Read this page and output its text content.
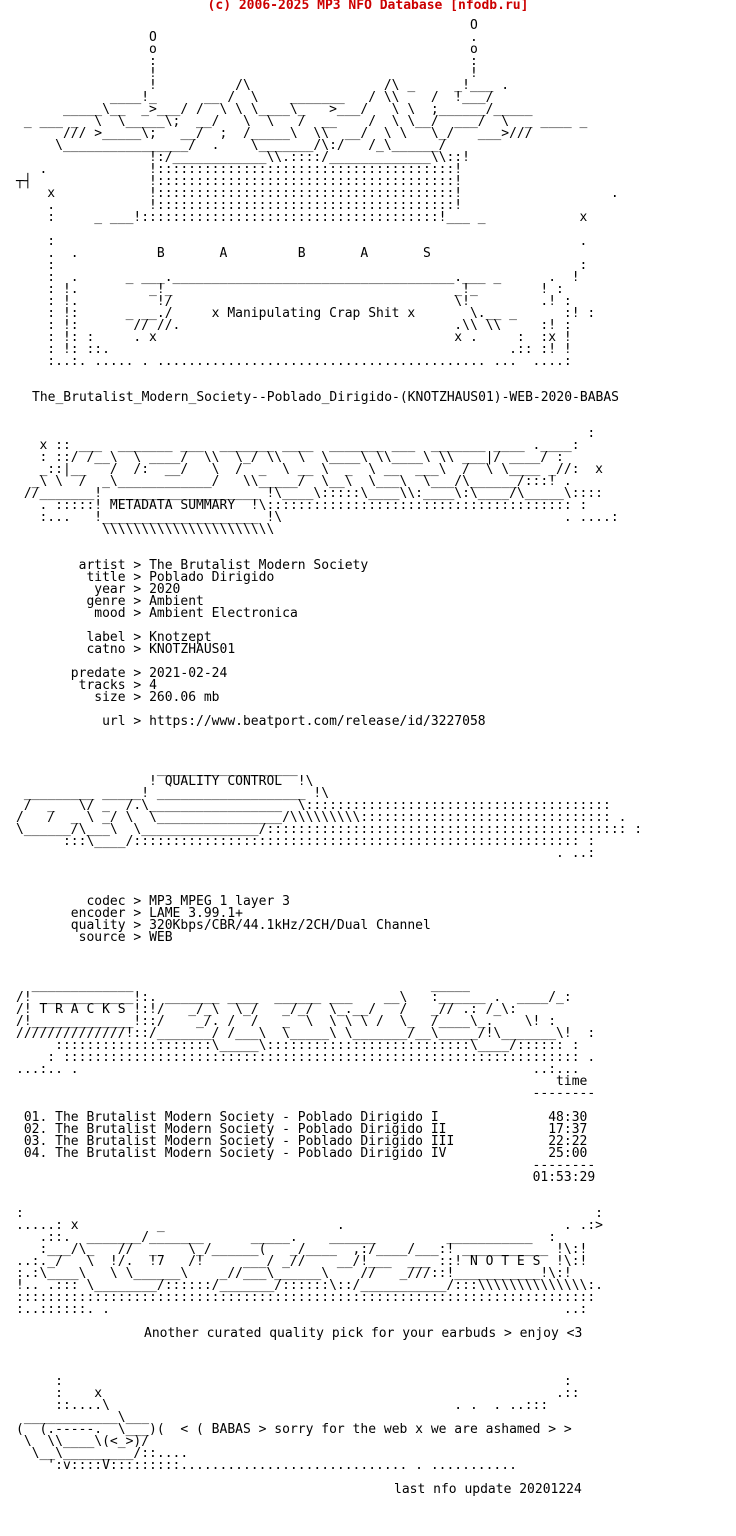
(c) 2006-2025 MP3 NFO Database [nfodb.ru]

O
O                                        .
o                                        o
:                                        :
!                                        !
!          /\                 /\ _     _!___ .
____!_      __ /  \    _______   / \\    /  !___/
_____\__  _>___/ /  \ \ \____\_   >___/   \ \  ;______/_____
_ ___ _  \  \_____\;  __/   \  \   /  __    /  \ \__/  ___/  \  _ ____ _
/// >_____\;   __/  ;  /_____\  \\  __/  \ \   \_/   ___>///
\________________/  .    \_______/\:/   /_\______/
!:/____________\\.::::/_____________\\::!
.             !::::::::::::::::::::::::::::::::::::::!
┬┤               !::::::::::::::::::::::::::::::::::::::!
x            !::::::::::::::::::::::::::::::::::::::!                   .
.            !::::::::::::::::::::::::::::::::::::::!
:     _ ___!::::::::::::::::::::::::::::::::::::::!___ _            x

:                                                                   .
.  .          B	A	B	A	S
:                                                                   :
:  .      _ ___.____________________________________.___ _      .  !
: !.         _!_                                    _!_        ! :
: !.          !/                                    \!         .! :
: !:      _ __./     x Manipulating Crap Shit x       \.__ _      :! :
: !:       // //.                                   .\\ \\     :! :
: !: :     . x                                      x .     :  :x !
: !: ::.                                                   .:: :! !
:..:. ..... . .......................................... ...  ....:

The_Brutalist_Modern_Society--Poblado_Dirigido-(KNOTZHAUS01)-WEB-2020-BABAS

:
x :: ___  _______ ___  _______ ____  _______ ___  _______ ____ .____:
: ::/ /__\  \ ____/  \\  \_/ \\  \  \____\ \\____\ \\ ___|/ ____/ :
_::|__   /  /:  __/   \  /  _  \ __ \  _  \ __  ___\  /  \ \____ _//:  x
_\ \  /  _\____________/   \\_____/  \__\  \___\  \___/\______/:::! .
//_______! ___________________ !\____\:::::\____\\:____\:\____/\_____\::::
. :::::! METADATA SUMMARY  !\::::::::::::::::::::::::::::::::::::::: :
:...   !____________________ !\                                    . ....:
\\\\\\\\\\\\\\\\\\\\\\

artist > The Brutalist Modern Society
title > Poblado Dirigido
year > 2020
genre > Ambient
mood > Ambient Electronica

label > Knotzept
catno > KNOTZHAUS01

predate > 2021-02-24
tracks > 4
size > 260.06 mb

url > https://www.beatport.com/release/id/3227058

__________________
! QUALITY CONTROL  !\
_________ _____! ___________________ !\
/  _   \/ _  /.\_________________  \:::::::::::::::::::::::::::::::::::::::
/   /  _ \ _/ \  \________________/\\\\\\\\\:::::::::::::::::::::::::::::::: .
\______/\___\  \_______________/:::::::::::::::::::::::::::::::::::::::::::::: :
:::\____/::::::::::::::::::::::::::::::::::::::::::::::::::::::::: :
. ..:

codec > MP3 MPEG 1 layer 3
encoder > LAME 3.99.1+
quality > 320Kbps/CBR/44.1kHz/2CH/Dual Channel
source > WEB

_____________                                      _____
/! ____________!:. _______ ____  ______ ___    __\   :______ .  ____/_:
/! T R A C K S !:!/   _/_\  \_/   _/_/  \_.__/   /   _// .: /_\:
/!_____________!::/    _/. /  /   _  \  \ \ \ /  \_  /____\_.    \! :
//////////////!::/_______/ /___\  \_____\ \_______/__\_____/!\_______\!  :
::::::::::::::::::::\_____\::::::::::::::::::::::::::\____/:::::: :
: :::::::::::::::::::::::::::::::::::::::::::::::::::::::::::::::::: .
...:.. .                                                          ..:...
time
--------

01. The Brutalist Modern Society - Poblado Dirigido I	48:30
02. The Brutalist Modern Society - Poblado Dirigido II	17:37
03. The Brutalist Modern Society - Poblado Dirigido III	22:22
04. The Brutalist Modern Society - Poblado Dirigido IV	25:00
--------
01:53:29

:                                                                         :
.....: x          _                      .                            . .:>
.::.  _______/_______      _____.    ______         ___________  :
:___/\_   //  _    \_/______(   _/____  ,:/____/___:! ___________ !\:!
..:._/   \  !/.  !7   /!     ___/ _//    __/!___  ___ ::! N O T E S  !\:!
:.:\____\   \ \______\    _//___\______\    //   _///::!___________!\:!
!.. .::: \________/::::::/_______/::::::\::/___________/:::\\\\\\\\\\\\\\:.
::::::::::::::::::::::::::::::::::::::::::::::::::::::::::::::::::::::::::
:..::::::. .                                                          ..:

Another curated quality pick for your earbuds > enjoy <3

:                                                                :
:    x                                                          .::
::....\                                            . .  . ..:::
____________\___
(  (.-----.  \___)(  < ( BABAS > sorry for the web x we are ashamed > >
\  \\____\(<_>)/
\__\_________/::....
':v::::V:::::::::............................. . ...........

last nfo update 20201224
